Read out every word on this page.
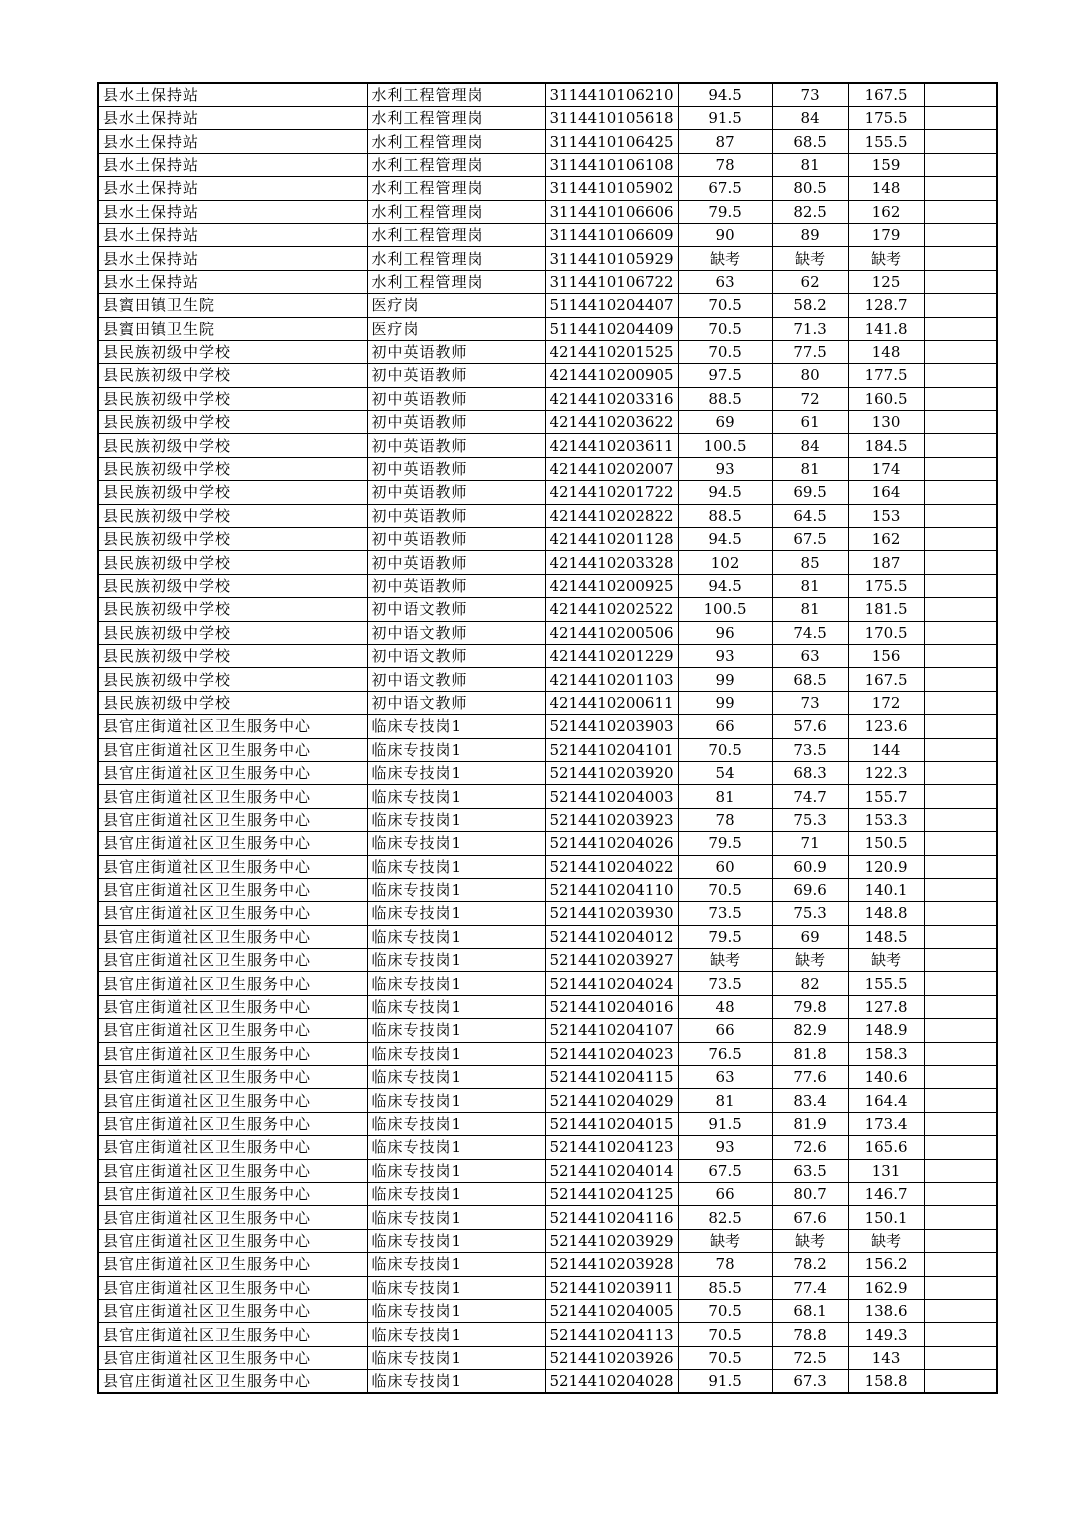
县水土保持站	水利工程管理岗	3114410106210	94.5	73	167.5	
县水土保持站	水利工程管理岗	3114410105618	91.5	84	175.5	
县水土保持站	水利工程管理岗	3114410106425	87	68.5	155.5	
县水土保持站	水利工程管理岗	3114410106108	78	81	159	
县水土保持站	水利工程管理岗	3114410105902	67.5	80.5	148	
县水土保持站	水利工程管理岗	3114410106606	79.5	82.5	162	
县水土保持站	水利工程管理岗	3114410106609	90	89	179	
县水土保持站	水利工程管理岗	3114410105929	缺考	缺考	缺考	
县水土保持站	水利工程管理岗	3114410106722	63	62	125	
县賨田镇卫生院	医疗岗	5114410204407	70.5	58.2	128.7	
县賨田镇卫生院	医疗岗	5114410204409	70.5	71.3	141.8	
县民族初级中学校	初中英语教师	4214410201525	70.5	77.5	148	
县民族初级中学校	初中英语教师	4214410200905	97.5	80	177.5	
县民族初级中学校	初中英语教师	4214410203316	88.5	72	160.5	
县民族初级中学校	初中英语教师	4214410203622	69	61	130	
县民族初级中学校	初中英语教师	4214410203611	100.5	84	184.5	
县民族初级中学校	初中英语教师	4214410202007	93	81	174	
县民族初级中学校	初中英语教师	4214410201722	94.5	69.5	164	
县民族初级中学校	初中英语教师	4214410202822	88.5	64.5	153	
县民族初级中学校	初中英语教师	4214410201128	94.5	67.5	162	
县民族初级中学校	初中英语教师	4214410203328	102	85	187	
县民族初级中学校	初中英语教师	4214410200925	94.5	81	175.5	
县民族初级中学校	初中语文教师	4214410202522	100.5	81	181.5	
县民族初级中学校	初中语文教师	4214410200506	96	74.5	170.5	
县民族初级中学校	初中语文教师	4214410201229	93	63	156	
县民族初级中学校	初中语文教师	4214410201103	99	68.5	167.5	
县民族初级中学校	初中语文教师	4214410200611	99	73	172	
县官庄街道社区卫生服务中心	临床专技岗1	5214410203903	66	57.6	123.6	
县官庄街道社区卫生服务中心	临床专技岗1	5214410204101	70.5	73.5	144	
县官庄街道社区卫生服务中心	临床专技岗1	5214410203920	54	68.3	122.3	
县官庄街道社区卫生服务中心	临床专技岗1	5214410204003	81	74.7	155.7	
县官庄街道社区卫生服务中心	临床专技岗1	5214410203923	78	75.3	153.3	
县官庄街道社区卫生服务中心	临床专技岗1	5214410204026	79.5	71	150.5	
县官庄街道社区卫生服务中心	临床专技岗1	5214410204022	60	60.9	120.9	
县官庄街道社区卫生服务中心	临床专技岗1	5214410204110	70.5	69.6	140.1	
县官庄街道社区卫生服务中心	临床专技岗1	5214410203930	73.5	75.3	148.8	
县官庄街道社区卫生服务中心	临床专技岗1	5214410204012	79.5	69	148.5	
县官庄街道社区卫生服务中心	临床专技岗1	5214410203927	缺考	缺考	缺考	
县官庄街道社区卫生服务中心	临床专技岗1	5214410204024	73.5	82	155.5	
县官庄街道社区卫生服务中心	临床专技岗1	5214410204016	48	79.8	127.8	
县官庄街道社区卫生服务中心	临床专技岗1	5214410204107	66	82.9	148.9	
县官庄街道社区卫生服务中心	临床专技岗1	5214410204023	76.5	81.8	158.3	
县官庄街道社区卫生服务中心	临床专技岗1	5214410204115	63	77.6	140.6	
县官庄街道社区卫生服务中心	临床专技岗1	5214410204029	81	83.4	164.4	
县官庄街道社区卫生服务中心	临床专技岗1	5214410204015	91.5	81.9	173.4	
县官庄街道社区卫生服务中心	临床专技岗1	5214410204123	93	72.6	165.6	
县官庄街道社区卫生服务中心	临床专技岗1	5214410204014	67.5	63.5	131	
县官庄街道社区卫生服务中心	临床专技岗1	5214410204125	66	80.7	146.7	
县官庄街道社区卫生服务中心	临床专技岗1	5214410204116	82.5	67.6	150.1	
县官庄街道社区卫生服务中心	临床专技岗1	5214410203929	缺考	缺考	缺考	
县官庄街道社区卫生服务中心	临床专技岗1	5214410203928	78	78.2	156.2	
县官庄街道社区卫生服务中心	临床专技岗1	5214410203911	85.5	77.4	162.9	
县官庄街道社区卫生服务中心	临床专技岗1	5214410204005	70.5	68.1	138.6	
县官庄街道社区卫生服务中心	临床专技岗1	5214410204113	70.5	78.8	149.3	
县官庄街道社区卫生服务中心	临床专技岗1	5214410203926	70.5	72.5	143	
县官庄街道社区卫生服务中心	临床专技岗1	5214410204028	91.5	67.3	158.8	
